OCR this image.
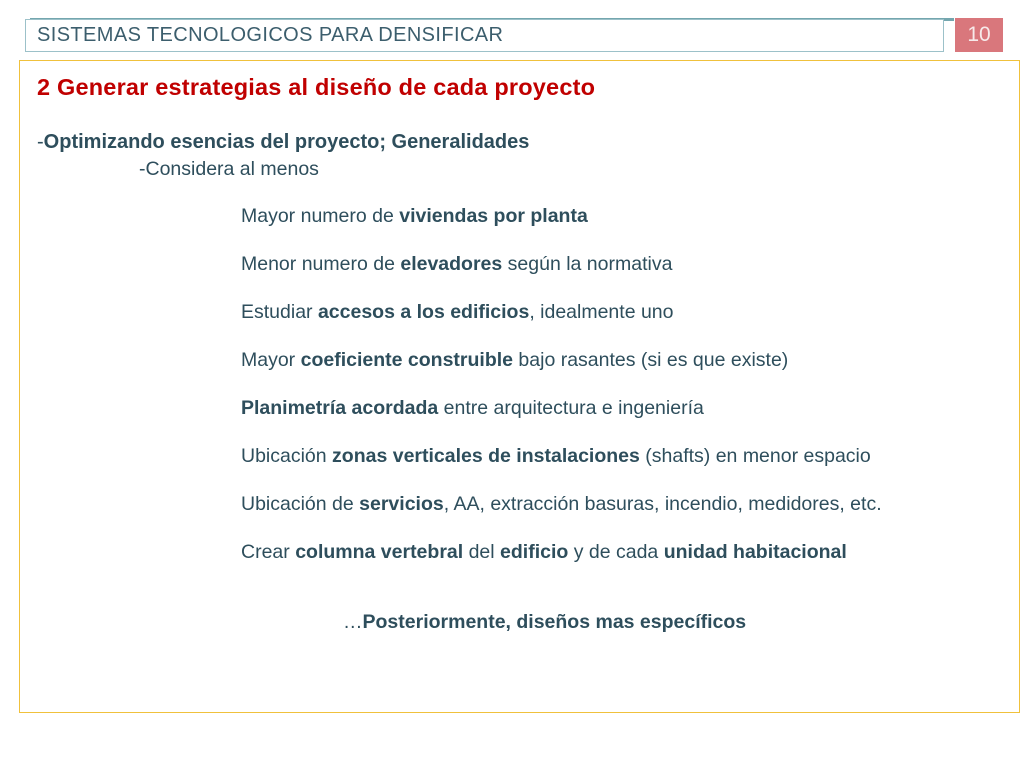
SISTEMAS TECNOLOGICOS PARA DENSIFICAR	10
2 Generar estrategias al diseño de cada proyecto

-Optimizando esencias del proyecto; Generalidades

-Considera al menos

Mayor numero de viviendas por planta

Menor numero de elevadores según la normativa

Estudiar accesos a los edificios, idealmente uno

Mayor coeficiente construible bajo rasantes (si es que existe)

Planimetría acordada entre arquitectura e ingeniería

Ubicación zonas verticales de instalaciones (shafts) en menor espacio

Ubicación de servicios, AA, extracción basuras, incendio, medidores, etc.

Crear columna vertebral del edificio y de cada unidad habitacional

…Posteriormente, diseños mas específicos
